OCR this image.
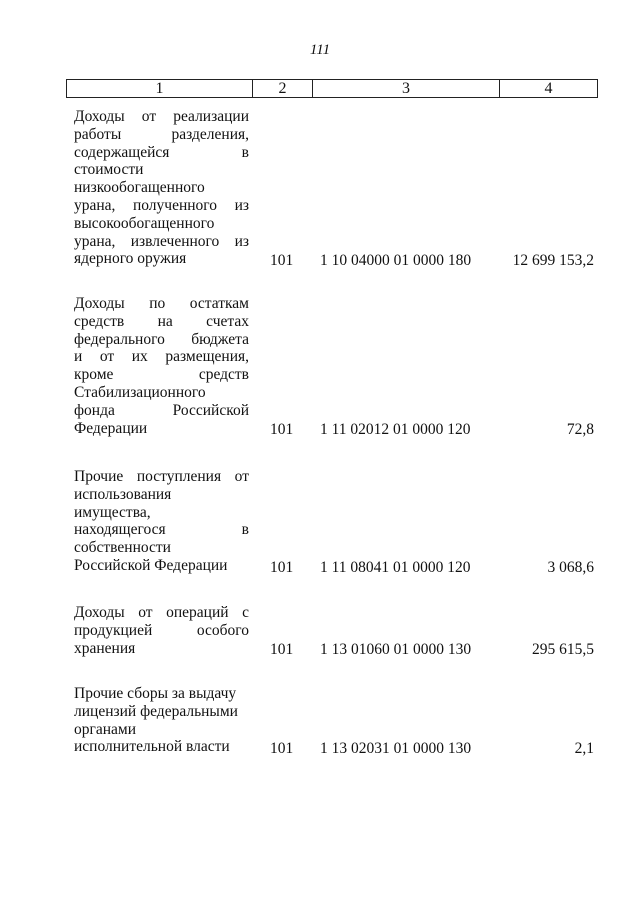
111
1	2	3	4
Доходы от реализации
работы разделения,
содержащейся в
стоимости
низкообогащенного
урана, полученного из
высокообогащенного
урана, извлеченного из
ядерного оружия	101	1 10 04000 01 0000 180	12 699 153,2
Доходы по остаткам
средств на счетах
федерального бюджета
и от их размещения,
кроме средств
Стабилизационного
фонда Российской
Федерации	101	1 11 02012 01 0000 120	72,8
Прочие поступления от
использования
имущества,
находящегося в
собственности
Российской Федерации	101	1 11 08041 01 0000 120	3 068,6
Доходы от операций с
продукцией особого
хранения	101	1 13 01060 01 0000 130	295 615,5
Прочие сборы за выдачу
лицензий федеральными
органами
исполнительной власти	101	1 13 02031 01 0000 130	2,1
